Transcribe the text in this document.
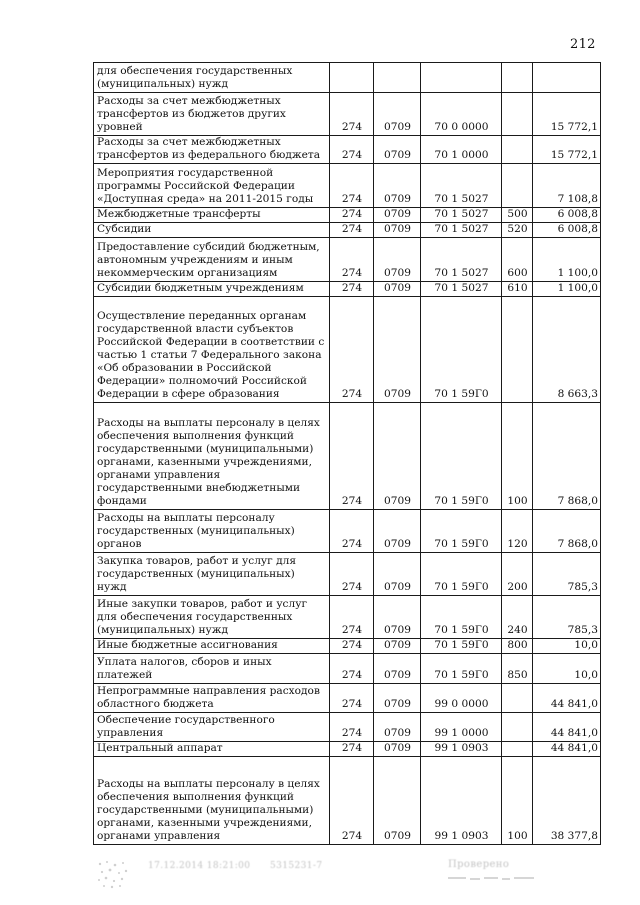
212
для обеспечения государственных (муниципальных) нужд					
Расходы за счет межбюджетных трансфертов из бюджетов других уровней	274	0709	70 0 0000		15 772,1
Расходы за счет межбюджетных трансфертов из федерального бюджета	274	0709	70 1 0000		15 772,1
Мероприятия государственной программы Российской Федерации «Доступная среда» на 2011-2015 годы	274	0709	70 1 5027		7 108,8
Межбюджетные трансферты	274	0709	70 1 5027	500	6 008,8
Субсидии	274	0709	70 1 5027	520	6 008,8
Предоставление субсидий бюджетным, автономным учреждениям и иным некоммерческим организациям	274	0709	70 1 5027	600	1 100,0
Субсидии бюджетным учреждениям	274	0709	70 1 5027	610	1 100,0
Осуществление переданных органам государственной власти субъектов Российской Федерации в соответствии с частью 1 статьи 7 Федерального закона «Об образовании в Российской Федерации» полномочий Российской Федерации в сфере образования	274	0709	70 1 59Г0		8 663,3
Расходы на выплаты персоналу в целях обеспечения выполнения функций государственными (муниципальными) органами, казенными учреждениями, органами управления государственными внебюджетными фондами	274	0709	70 1 59Г0	100	7 868,0
Расходы на выплаты персоналу государственных (муниципальных) органов	274	0709	70 1 59Г0	120	7 868,0
Закупка товаров, работ и услуг для государственных (муниципальных) нужд	274	0709	70 1 59Г0	200	785,3
Иные закупки товаров, работ и услуг для обеспечения государственных (муниципальных) нужд	274	0709	70 1 59Г0	240	785,3
Иные бюджетные ассигнования	274	0709	70 1 59Г0	800	10,0
Уплата налогов, сборов и иных платежей	274	0709	70 1 59Г0	850	10,0
Непрограммные направления расходов областного бюджета	274	0709	99 0 0000		44 841,0
Обеспечение государственного управления	274	0709	99 1 0000		44 841,0
Центральный аппарат	274	0709	99 1 0903		44 841,0
Расходы на выплаты персоналу в целях обеспечения выполнения функций государственными (муниципальными) органами, казенными учреждениями, органами управления	274	0709	99 1 0903	100	38 377,8
17.12.2014 18:21:00 5315231-7	Проверено
